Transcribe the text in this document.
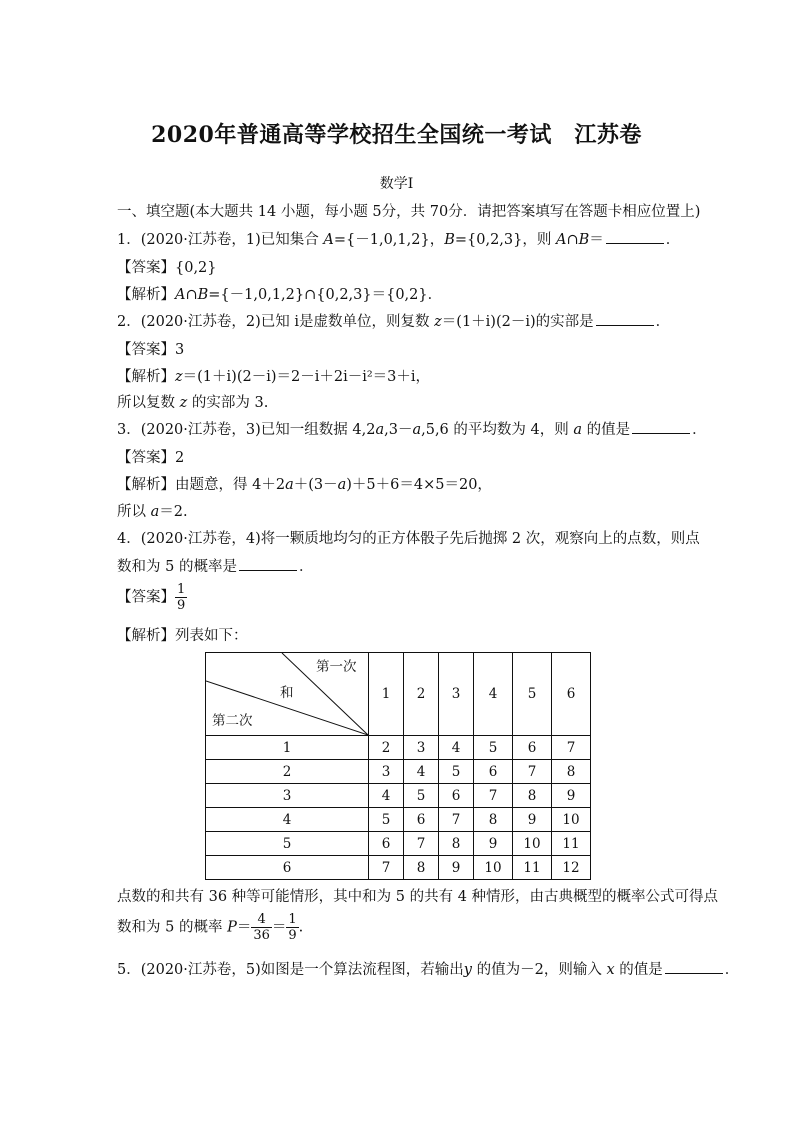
2020年普通高等学校招生全国统一考试　江苏卷
数学Ⅰ
一、填空题(本大题共 14 小题，每小题 5分，共 70分．请把答案填写在答题卡相应位置上)
1．(2020·江苏卷，1)已知集合 A={－1,0,1,2}，B={0,2,3}，则 A∩B＝	．
【答案】{0,2}
【解析】A∩B={－1,0,1,2}∩{0,2,3}＝{0,2}．
2．(2020·江苏卷，2)已知 i是虚数单位，则复数 z＝(1＋i)(2－i)的实部是	．
【答案】3
【解析】z＝(1＋i)(2－i)＝2－i＋2i－i²＝3＋i，
所以复数 z 的实部为 3.
3．(2020·江苏卷，3)已知一组数据 4,2a,3－a,5,6 的平均数为 4，则 a 的值是	．
【答案】2
【解析】由题意，得 4＋2a＋(3－a)＋5＋6＝4×5＝20，
所以 a＝2.
4．(2020·江苏卷，4)将一颗质地均匀的正方体骰子先后抛掷 2 次，观察向上的点数，则点
数和为 5 的概率是	．
【答案】 $\frac{1}{9}$
【解析】列表如下：
第一次
和
第二次	1	2	3	4	5	6
1	2	3	4	5	6	7
2	3	4	5	6	7	8
3	4	5	6	7	8	9
4	5	6	7	8	9	10
5	6	7	8	9	10	11
6	7	8	9	10	11	12
点数的和共有 36 种等可能情形，其中和为 5 的共有 4 种情形，由古典概型的概率公式可得点
数和为 5 的概率 $P= \frac{4}{36} = \frac{1}{9}$ .
5．(2020·江苏卷，5)如图是一个算法流程图，若输出y 的值为－2，则输入 x 的值是	．
